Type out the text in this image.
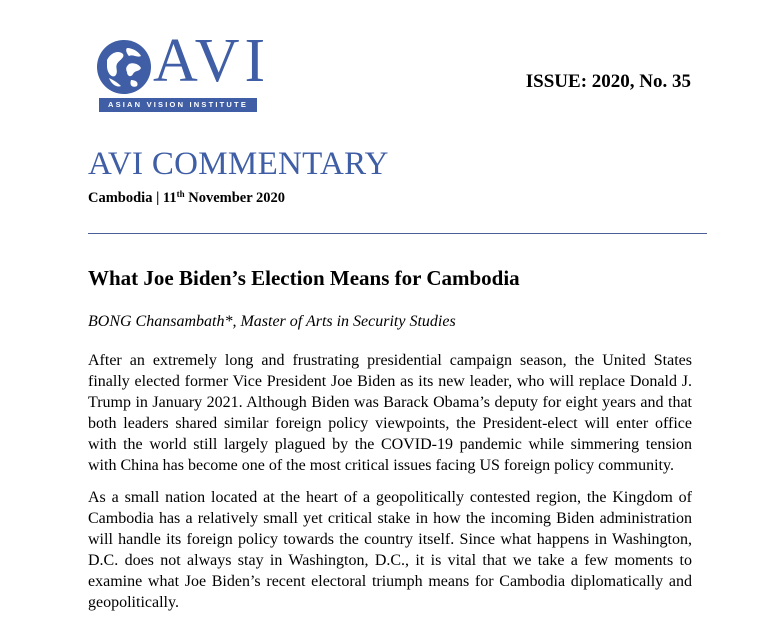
AVI
ASIAN VISION INSTITUTE
ISSUE: 2020, No. 35
AVI COMMENTARY
Cambodia | 11th November 2020
What Joe Biden’s Election Means for Cambodia
BONG Chansambath*, Master of Arts in Security Studies

After an extremely long and frustrating presidential campaign season, the United States finally elected former Vice President Joe Biden as its new leader, who will replace Donald J. Trump in January 2021. Although Biden was Barack Obama’s deputy for eight years and that both leaders shared similar foreign policy viewpoints, the President-elect will enter office with the world still largely plagued by the COVID-19 pandemic while simmering tension with China has become one of the most critical issues facing US foreign policy community.

As a small nation located at the heart of a geopolitically contested region, the Kingdom of Cambodia has a relatively small yet critical stake in how the incoming Biden administration will handle its foreign policy towards the country itself. Since what happens in Washington, D.C. does not always stay in Washington, D.C., it is vital that we take a few moments to examine what Joe Biden’s recent electoral triumph means for Cambodia diplomatically and geopolitically.
